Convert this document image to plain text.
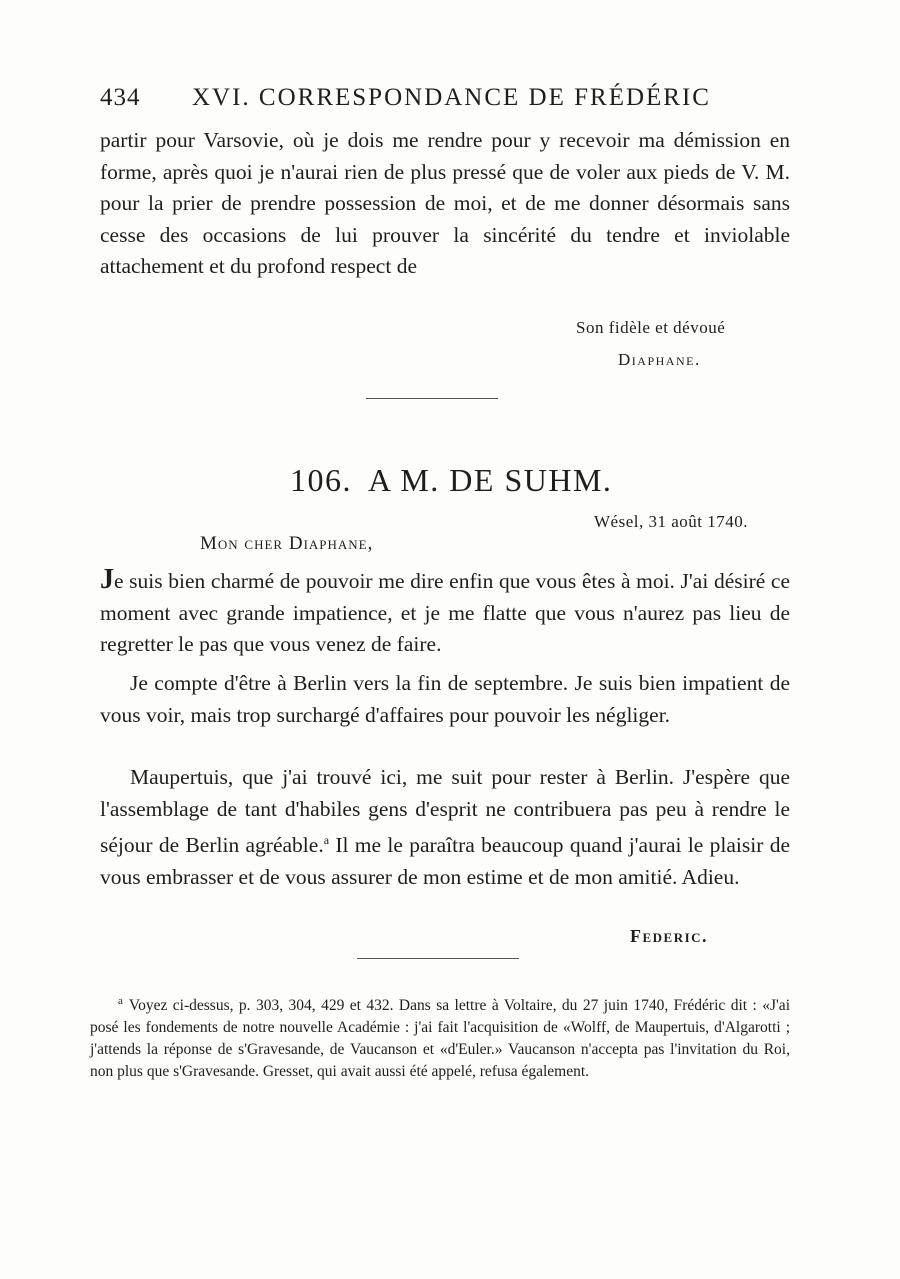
434 XVI. CORRESPONDANCE DE FRÉDÉRIC
partir pour Varsovie, où je dois me rendre pour y recevoir ma démission en forme, après quoi je n'aurai rien de plus pressé que de voler aux pieds de V. M. pour la prier de prendre possession de moi, et de me donner désormais sans cesse des occasions de lui prouver la sincérité du tendre et inviolable attachement et du profond respect de
Son fidèle et dévoué
Diaphane.
106. A M. DE SUHM.
Wésel, 31 août 1740.
Mon cher Diaphane,
Je suis bien charmé de pouvoir me dire enfin que vous êtes à moi. J'ai désiré ce moment avec grande impatience, et je me flatte que vous n'aurez pas lieu de regretter le pas que vous venez de faire.
Je compte d'être à Berlin vers la fin de septembre. Je suis bien impatient de vous voir, mais trop surchargé d'affaires pour pouvoir les négliger.
Maupertuis, que j'ai trouvé ici, me suit pour rester à Berlin. J'espère que l'assemblage de tant d'habiles gens d'esprit ne contribuera pas peu à rendre le séjour de Berlin agréable.$^a$ Il me le paraîtra beaucoup quand j'aurai le plaisir de vous embrasser et de vous assurer de mon estime et de mon amitié. Adieu.
Federic.
$^a$ Voyez ci-dessus, p. 303, 304, 429 et 432. Dans sa lettre à Voltaire, du 27 juin 1740, Frédéric dit : «J'ai posé les fondements de notre nouvelle Académie : j'ai fait l'acquisition de «Wolff, de Maupertuis, d'Algarotti ; j'attends la réponse de s'Gravesande, de Vaucanson et «d'Euler.» Vaucanson n'accepta pas l'invitation du Roi, non plus que s'Gravesande. Gresset, qui avait aussi été appelé, refusa également.
